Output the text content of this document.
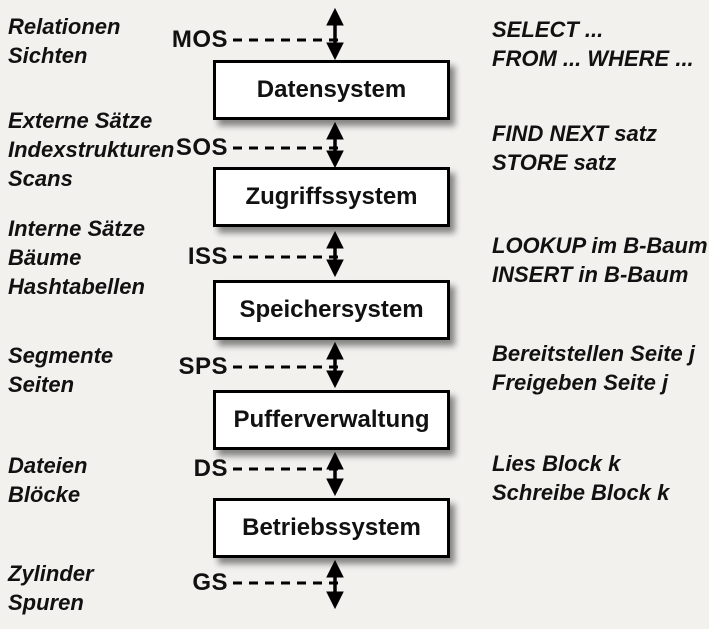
Relationen
Sichten
Externe Sätze
Indexstrukturen
Scans
Interne Sätze
Bäume
Hashtabellen
Segmente
Seiten
Dateien
Blöcke
Zylinder
Spuren
SELECT ...
FROM ... WHERE ...
FIND NEXT satz
STORE satz
LOOKUP im B-Baum
INSERT in B-Baum
Bereitstellen Seite j
Freigeben Seite j
Lies Block k
Schreibe Block k
MOS
SOS
ISS
SPS
DS
GS
Datensystem
Zugriffssystem
Speichersystem
Pufferverwaltung
Betriebssystem
